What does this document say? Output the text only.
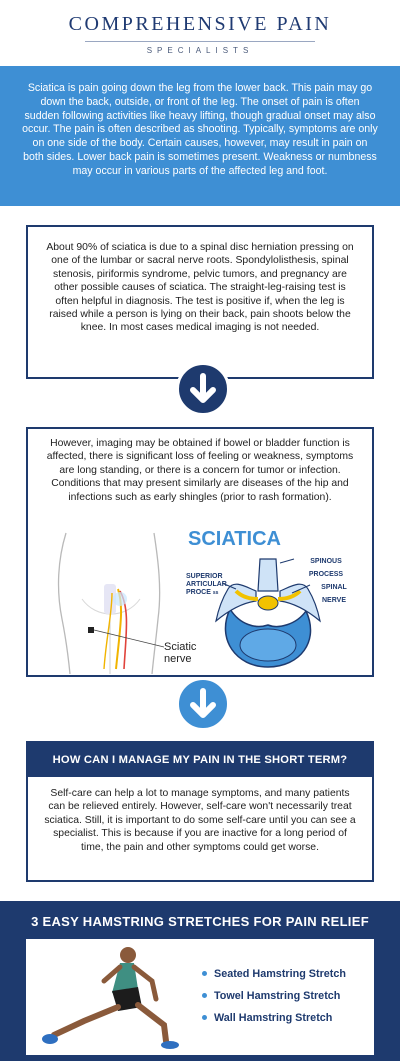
COMPREHENSIVE PAIN
SPECIALISTS
Sciatica is pain going down the leg from the lower back. This pain may go down the back, outside, or front of the leg. The onset of pain is often sudden following activities like heavy lifting, though gradual onset may also occur. The pain is often described as shooting. Typically, symptoms are only on one side of the body. Certain causes, however, may result in pain on both sides. Lower back pain is sometimes present. Weakness or numbness may occur in various parts of the affected leg and foot.
About 90% of sciatica is due to a spinal disc herniation pressing on one of the lumbar or sacral nerve roots. Spondylolisthesis, spinal stenosis, piriformis syndrome, pelvic tumors, and pregnancy are other possible causes of sciatica. The straight-leg-raising test is often helpful in diagnosis. The test is positive if, when the leg is raised while a person is lying on their back, pain shoots below the knee. In most cases medical imaging is not needed.
However, imaging may be obtained if bowel or bladder function is affected, there is significant loss of feeling or weakness, symptoms are long standing, or there is a concern for tumor or infection. Conditions that may present similarly are diseases of the hip and infections such as early shingles (prior to rash formation).
SCIATICA
Sciatic
nerve
SUPERIOR
ARTICULAR
PROCE ss
SPINOUS PROCESS
SPINAL NERVE
HOW CAN I MANAGE MY PAIN IN THE SHORT TERM?
Self-care can help a lot to manage symptoms, and many patients can be relieved entirely. However, self-care won't necessarily treat sciatica. Still, it is important to do some self-care until you can see a specialist. This is because if you are inactive for a long period of time, the pain and other symptoms could get worse.
3 EASY HAMSTRING STRETCHES FOR PAIN RELIEF
Seated Hamstring Stretch
Towel Hamstring Stretch
Wall Hamstring Stretch
